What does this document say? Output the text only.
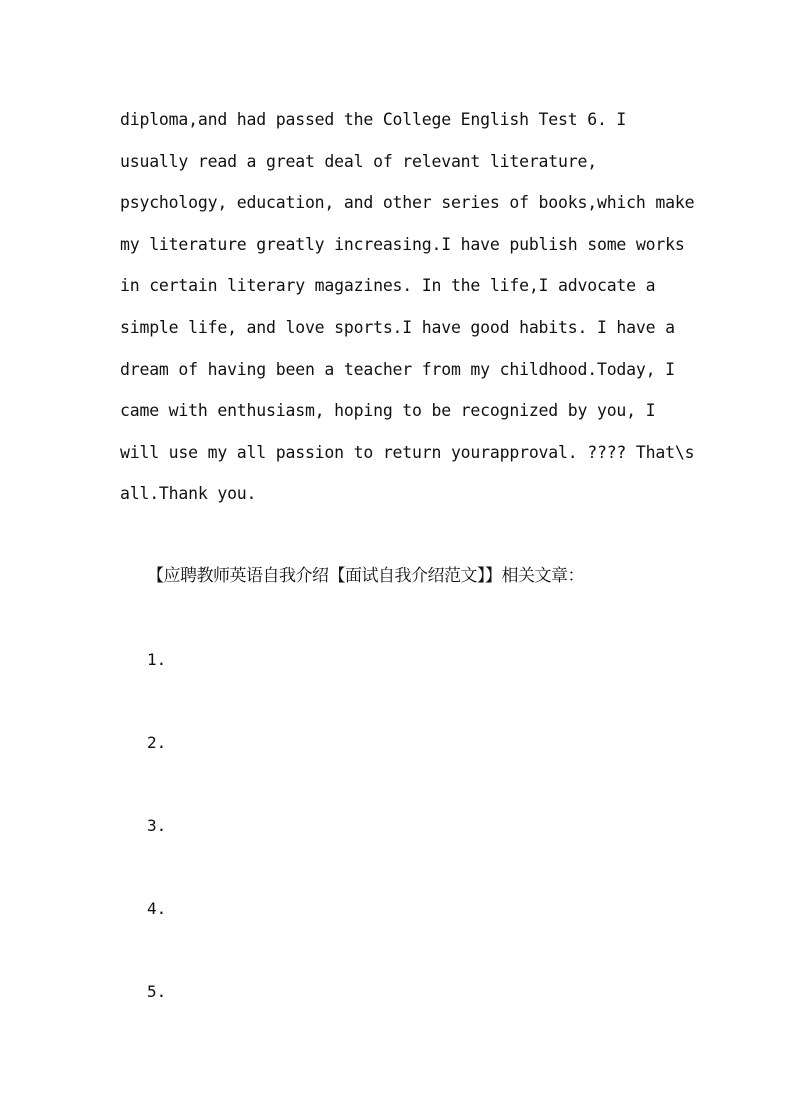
diploma,and had passed the College English Test 6. I
usually read a great deal of relevant literature,
psychology, education, and other series of books,which make
my literature greatly increasing.I have publish some works
in certain literary magazines. In the life,I advocate a
simple life, and love sports.I have good habits. I have a
dream of having been a teacher from my childhood.Today, I
came with enthusiasm, hoping to be recognized by you, I
will use my all passion to return yourapproval. ???? That\s
all.Thank you.
【应聘教师英语自我介绍【面试自我介绍范文】】相关文章：
1.
2.
3.
4.
5.
